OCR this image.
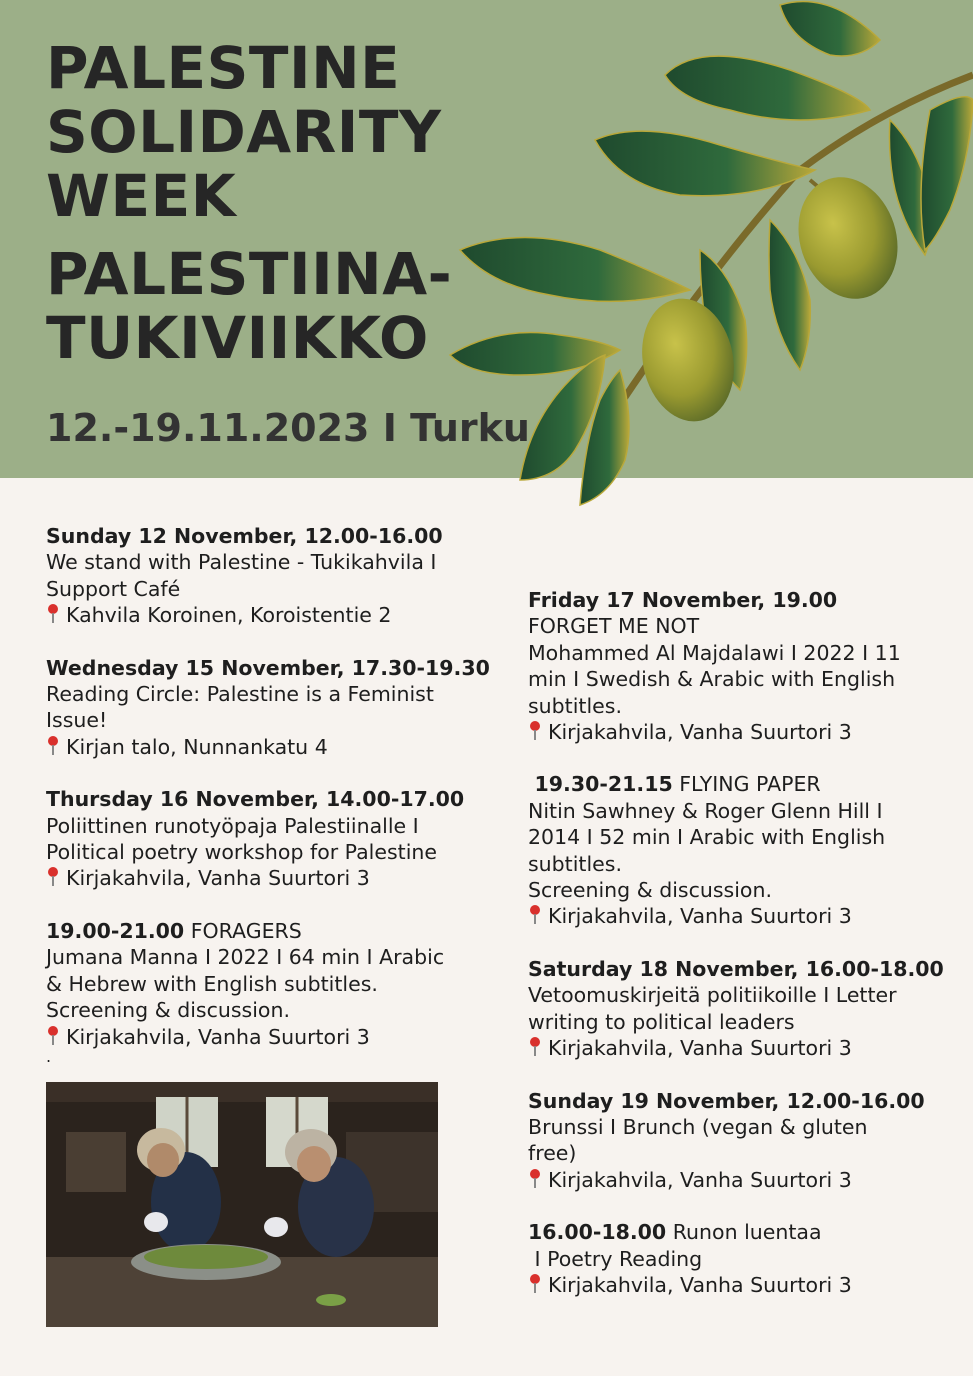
PALESTINE
SOLIDARITY
WEEK
PALESTIINA-
TUKIVIIKKO
12.-19.11.2023 I Turku
Sunday 12 November, 12.00-16.00
We stand with Palestine - Tukikahvila I
Support Café
Kahvila Koroinen, Koroistentie 2
Wednesday 15 November, 17.30-19.30
Reading Circle: Palestine is a Feminist
Issue!
Kirjan talo, Nunnankatu 4
Thursday 16 November, 14.00-17.00
Poliittinen runotyöpaja Palestiinalle I
Political poetry workshop for Palestine
Kirjakahvila, Vanha Suurtori 3
19.00-21.00 FORAGERS
Jumana Manna I 2022 I 64 min I Arabic
& Hebrew with English subtitles.
Screening & discussion.
Kirjakahvila, Vanha Suurtori 3
.
Friday 17 November, 19.00
FORGET ME NOT
Mohammed Al Majdalawi I 2022 I 11
min I Swedish & Arabic with English
subtitles.
Kirjakahvila, Vanha Suurtori 3
19.30-21.15 FLYING PAPER
Nitin Sawhney & Roger Glenn Hill I
2014 I 52 min I Arabic with English
subtitles.
Screening & discussion.
Kirjakahvila, Vanha Suurtori 3
Saturday 18 November, 16.00-18.00
Vetoomuskirjeitä politiikoille I Letter
writing to political leaders
Kirjakahvila, Vanha Suurtori 3
Sunday 19 November, 12.00-16.00
Brunssi I Brunch (vegan & gluten
free)
Kirjakahvila, Vanha Suurtori 3
16.00-18.00 Runon luentaa
I Poetry Reading
Kirjakahvila, Vanha Suurtori 3
